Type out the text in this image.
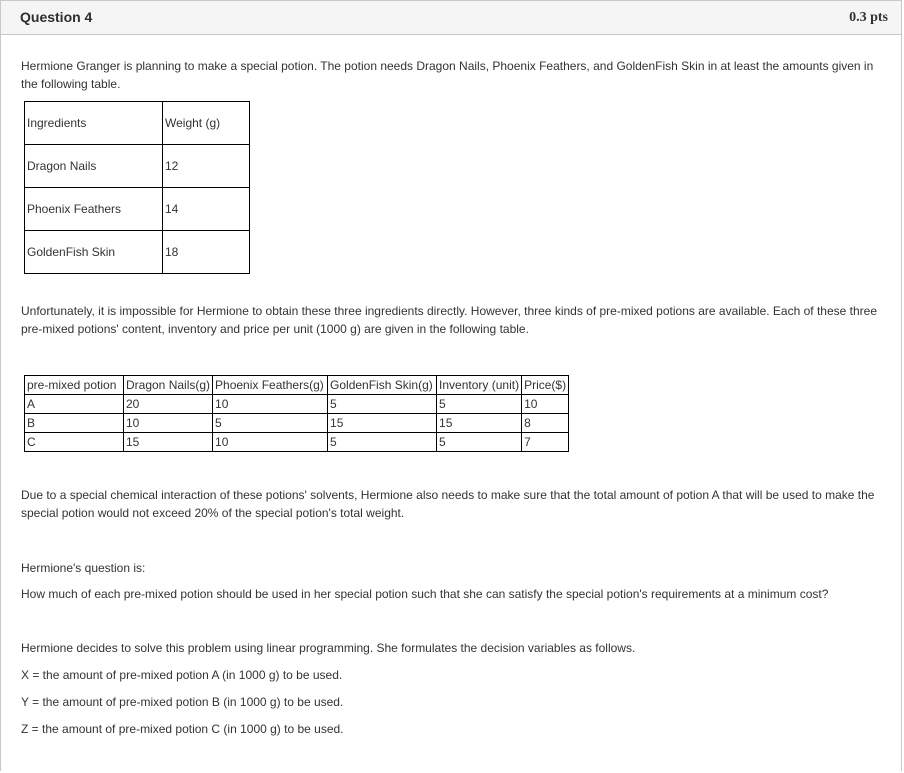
Question 4	0.3 pts

Hermione Granger is planning to make a special potion. The potion needs Dragon Nails, Phoenix Feathers, and GoldenFish Skin in at least the amounts given in the following table.

Ingredients	Weight (g)
Dragon Nails	12
Phoenix Feathers	14
GoldenFish Skin	18

Unfortunately, it is impossible for Hermione to obtain these three ingredients directly. However, three kinds of pre-mixed potions are available. Each of these three pre-mixed potions' content, inventory and price per unit (1000 g) are given in the following table.

pre-mixed potion	Dragon Nails(g)	Phoenix Feathers(g)	GoldenFish Skin(g)	Inventory (unit)	Price($)
A	20	10	5	5	10
B	10	5	15	15	8
C	15	10	5	5	7

Due to a special chemical interaction of these potions' solvents, Hermione also needs to make sure that the total amount of potion A that will be used to make the special potion would not exceed 20% of the special potion's total weight.

Hermione's question is:

How much of each pre-mixed potion should be used in her special potion such that she can satisfy the special potion's requirements at a minimum cost?

Hermione decides to solve this problem using linear programming. She formulates the decision variables as follows.

X = the amount of pre-mixed potion A (in 1000 g) to be used.

Y = the amount of pre-mixed potion B (in 1000 g) to be used.

Z = the amount of pre-mixed potion C (in 1000 g) to be used.
